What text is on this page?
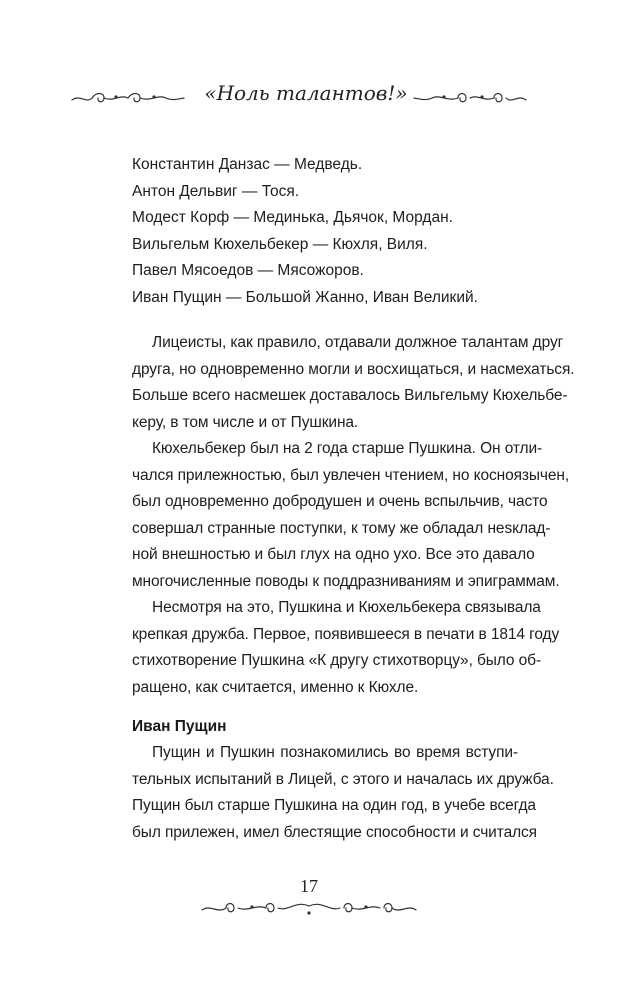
«Ноль талантов!»
Константин Данзас — Медведь.
Антон Дельвиг — Тося.
Модест Корф — Мединька, Дьячок, Мордан.
Вильгельм Кюхельбекер — Кюхля, Виля.
Павел Мясоедов — Мясожоров.
Иван Пущин — Большой Жанно, Иван Великий.
Лицеисты, как правило, отдавали должное талантам друг
друга, но одновременно могли и восхищаться, и насмехаться.
Больше всего насмешек доставалось Вильгельму Кюхельбе-
керу, в том числе и от Пушкина.
Кюхельбекер был на 2 года старше Пушкина. Он отли-
чался прилежностью, был увлечен чтением, но косноязычен,
был одновременно добродушен и очень вспыльчив, часто
совершал странные поступки, к тому же обладал нesклад-
ной внешностью и был глух на одно ухо. Все это давало
многочисленные поводы к поддразниваниям и эпиграммам.
Несмотря на это, Пушкина и Кюхельбекера связывала
крепкая дружба. Первое, появившееся в печати в 1814 году
стихотворение Пушкина «К другу стихотворцу», было об-
ращено, как считается, именно к Кюхле.
Иван Пущин
Пущин и Пушкин познакомились во время вступи-
тельных испытаний в Лицей, с этого и началась их дружба.
Пущин был старше Пушкина на один год, в учебе всегда
был прилежен, имел блестящие способности и считался
17
